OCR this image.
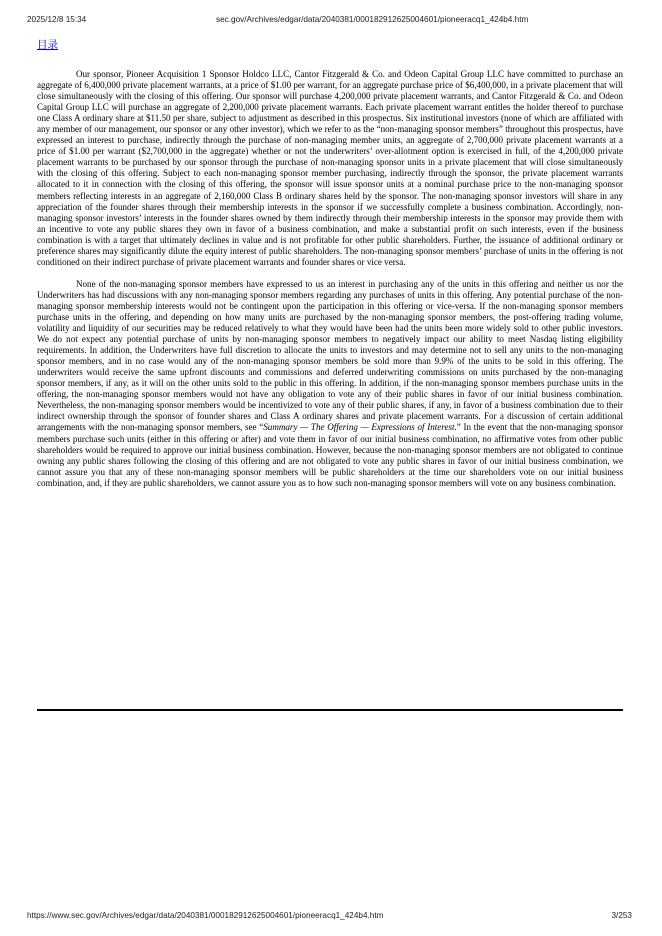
2025/12/8 15:34	sec.gov/Archives/edgar/data/2040381/000182912625004601/pioneeracq1_424b4.htm
目录

Our sponsor, Pioneer Acquisition 1 Sponsor Holdco LLC, Cantor Fitzgerald & Co. and Odeon Capital Group LLC have committed to purchase an aggregate of 6,400,000 private placement warrants, at a price of $1.00 per warrant, for an aggregate purchase price of $6,400,000, in a private placement that will close simultaneously with the closing of this offering. Our sponsor will purchase 4,200,000 private placement warrants, and Cantor Fitzgerald & Co. and Odeon Capital Group LLC will purchase an aggregate of 2,200,000 private placement warrants. Each private placement warrant entitles the holder thereof to purchase one Class A ordinary share at $11.50 per share, subject to adjustment as described in this prospectus. Six institutional investors (none of which are affiliated with any member of our management, our sponsor or any other investor), which we refer to as the “non-managing sponsor members” throughout this prospectus, have expressed an interest to purchase, indirectly through the purchase of non-managing member units, an aggregate of 2,700,000 private placement warrants at a price of $1.00 per warrant ($2,700,000 in the aggregate) whether or not the underwriters’ over-allotment option is exercised in full, of the 4,200,000 private placement warrants to be purchased by our sponsor through the purchase of non-managing sponsor units in a private placement that will close simultaneously with the closing of this offering. Subject to each non-managing sponsor member purchasing, indirectly through the sponsor, the private placement warrants allocated to it in connection with the closing of this offering, the sponsor will issue sponsor units at a nominal purchase price to the non-managing sponsor members reflecting interests in an aggregate of 2,160,000 Class B ordinary shares held by the sponsor. The non-managing sponsor investors will share in any appreciation of the founder shares through their membership interests in the sponsor if we successfully complete a business combination. Accordingly, non-managing sponsor investors’ interests in the founder shares owned by them indirectly through their membership interests in the sponsor may provide them with an incentive to vote any public shares they own in favor of a business combination, and make a substantial profit on such interests, even if the business combination is with a target that ultimately declines in value and is not profitable for other public shareholders. Further, the issuance of additional ordinary or preference shares may significantly dilute the equity interest of public shareholders. The non-managing sponsor members’ purchase of units in the offering is not conditioned on their indirect purchase of private placement warrants and founder shares or vice versa.

None of the non-managing sponsor members have expressed to us an interest in purchasing any of the units in this offering and neither us nor the Underwriters has had discussions with any non-managing sponsor members regarding any purchases of units in this offering. Any potential purchase of the non-managing sponsor membership interests would not be contingent upon the participation in this offering or vice-versa. If the non-managing sponsor members purchase units in the offering, and depending on how many units are purchased by the non-managing sponsor members, the post-offering trading volume, volatility and liquidity of our securities may be reduced relatively to what they would have been had the units been more widely sold to other public investors. We do not expect any potential purchase of units by non-managing sponsor members to negatively impact our ability to meet Nasdaq listing eligibility requirements. In addition, the Underwriters have full discretion to allocate the units to investors and may determine not to sell any units to the non-managing sponsor members, and in no case would any of the non-managing sponsor members be sold more than 9.9% of the units to be sold in this offering. The underwriters would receive the same upfront discounts and commissions and deferred underwriting commissions on units purchased by the non-managing sponsor members, if any, as it will on the other units sold to the public in this offering. In addition, if the non-managing sponsor members purchase units in the offering, the non-managing sponsor members would not have any obligation to vote any of their public shares in favor of our initial business combination. Nevertheless, the non-managing sponsor members would be incentivized to vote any of their public shares, if any, in favor of a business combination due to their indirect ownership through the sponsor of founder shares and Class A ordinary shares and private placement warrants. For a discussion of certain additional arrangements with the non-managing sponsor members, see “Summary — The Offering — Expressions of Interest.” In the event that the non-managing sponsor members purchase such units (either in this offering or after) and vote them in favor of our initial business combination, no affirmative votes from other public shareholders would be required to approve our initial business combination. However, because the non-managing sponsor members are not obligated to continue owning any public shares following the closing of this offering and are not obligated to vote any public shares in favor of our initial business combination, we cannot assure you that any of these non-managing sponsor members will be public shareholders at the time our shareholders vote on our initial business combination, and, if they are public shareholders, we cannot assure you as to how such non-managing sponsor members will vote on any business combination.

https://www.sec.gov/Archives/edgar/data/2040381/000182912625004601/pioneeracq1_424b4.htm	3/253
